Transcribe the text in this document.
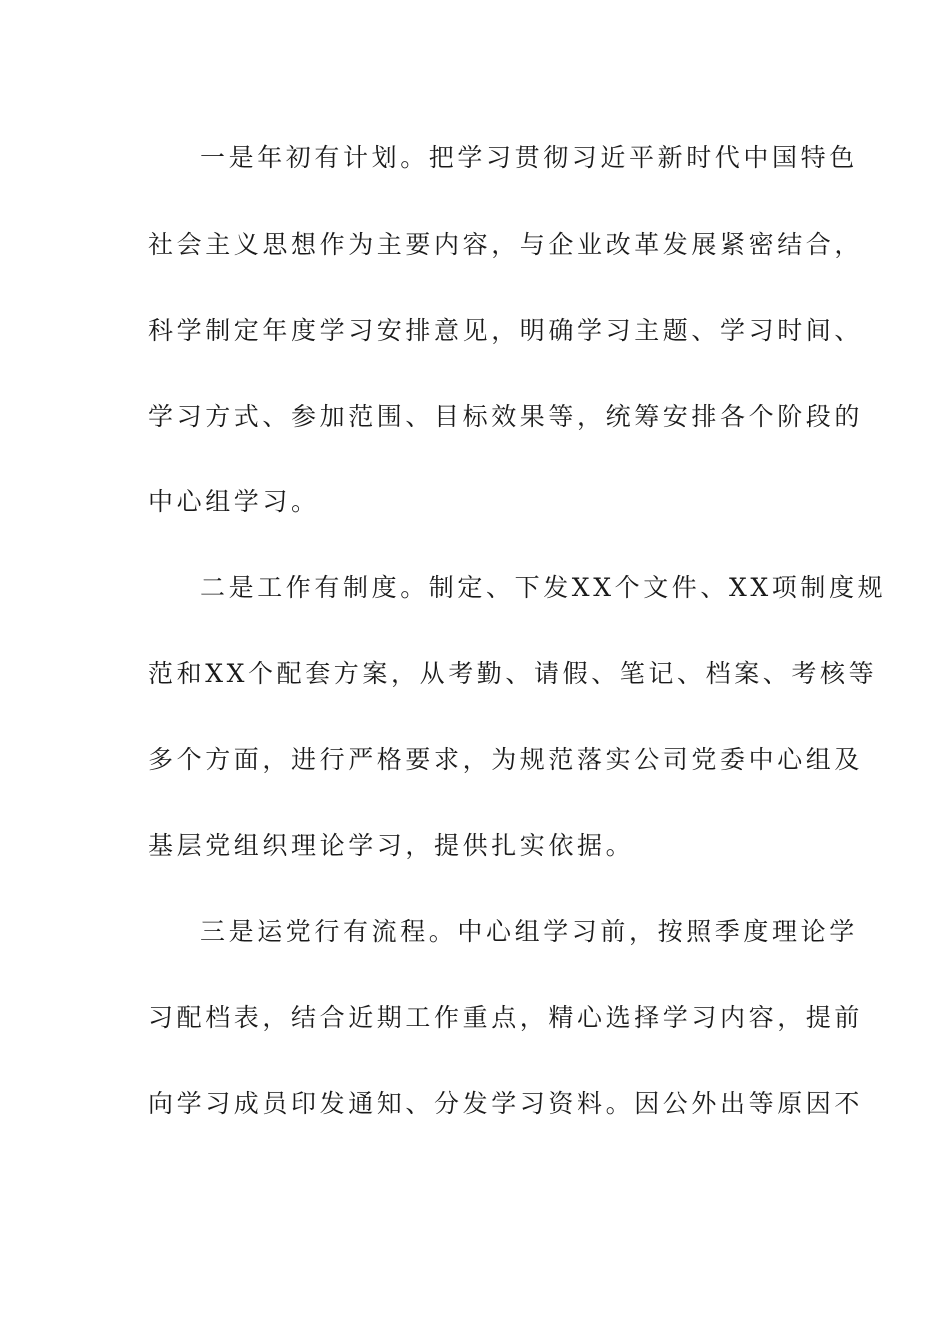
一是年初有计划。把学习贯彻习近平新时代中国特色
社会主义思想作为主要内容，与企业改革发展紧密结合，
科学制定年度学习安排意见，明确学习主题、学习时间、
学习方式、参加范围、目标效果等，统筹安排各个阶段的
中心组学习。
二是工作有制度。制定、下发XX个文件、XX项制度规
范和XX个配套方案，从考勤、请假、笔记、档案、考核等
多个方面，进行严格要求，为规范落实公司党委中心组及
基层党组织理论学习，提供扎实依据。
三是运党行有流程。中心组学习前，按照季度理论学
习配档表，结合近期工作重点，精心选择学习内容，提前
向学习成员印发通知、分发学习资料。因公外出等原因不
